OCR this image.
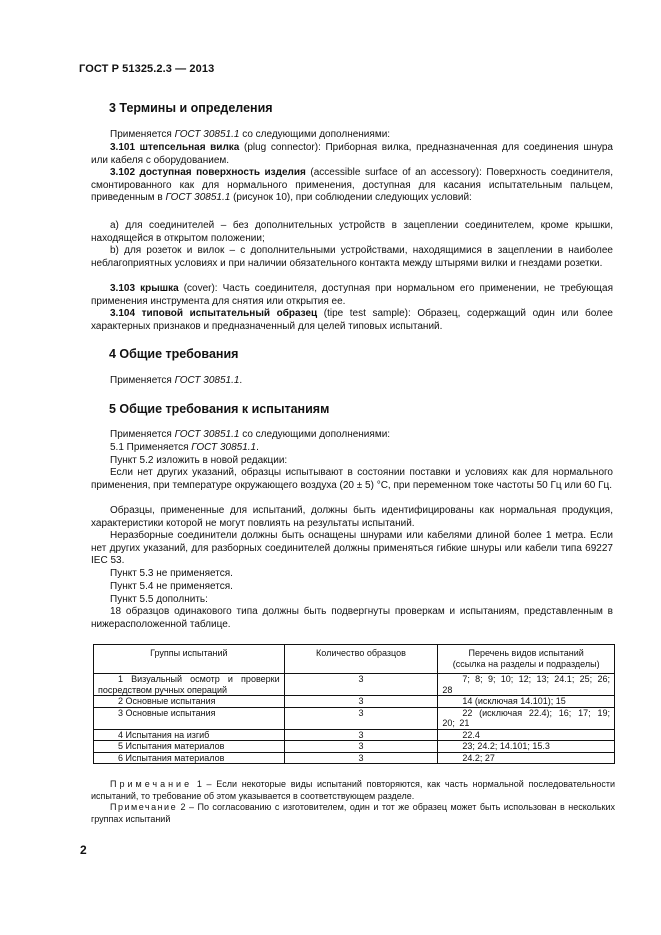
ГОСТ Р 51325.2.3 — 2013
3 Термины и определения
Применяется ГОСТ 30851.1 со следующими дополнениями:
3.101 штепсельная вилка (plug connector): Приборная вилка, предназначенная для соединения шнура или кабеля с оборудованием.
3.102 доступная поверхность изделия (accessible surface of an accessory): Поверхность соединителя, смонтированного как для нормального применения, доступная для касания испытательным пальцем, приведенным в ГОСТ 30851.1 (рисунок 10), при соблюдении следующих условий:
а) для соединителей – без дополнительных устройств в зацеплении соединителем, кроме крышки, находящейся в открытом положении;
b) для розеток и вилок – с дополнительными устройствами, находящимися в зацеплении в наиболее неблагоприятных условиях и при наличии обязательного контакта между штырями вилки и гнездами розетки.
3.103 крышка (cover): Часть соединителя, доступная при нормальном его применении, не требующая применения инструмента для снятия или открытия ее.
3.104 типовой испытательный образец (tipe test sample): Образец, содержащий один или более характерных признаков и предназначенный для целей типовых испытаний.
4 Общие требования
Применяется ГОСТ 30851.1.
5 Общие требования к испытаниям
Применяется ГОСТ 30851.1 со следующими дополнениями:
5.1 Применяется ГОСТ 30851.1.
Пункт 5.2 изложить в новой редакции:
Если нет других указаний, образцы испытывают в состоянии поставки и условиях как для нормального применения, при температуре окружающего воздуха (20 ± 5) °С, при переменном токе частоты 50 Гц или 60 Гц.
Образцы, примененные для испытаний, должны быть идентифицированы как нормальная продукция, характеристики которой не могут повлиять на результаты испытаний.
Неразборные соединители должны быть оснащены шнурами или кабелями длиной более 1 метра. Если нет других указаний, для разборных соединителей должны применяться гибкие шнуры или кабели типа 69227 IEC 53.
Пункт 5.3 не применяется.
Пункт 5.4 не применяется.
Пункт 5.5 дополнить:
18 образцов одинакового типа должны быть подвергнуты проверкам и испытаниям, представленным в нижерасположенной таблице.
Группы испытаний	Количество образцов	Перечень видов испытаний
(ссылка на разделы и подразделы)
1 Визуальный осмотр и проверки посредством ручных операций	3	7; 8; 9; 10; 12; 13; 24.1; 25; 26; 28
2 Основные испытания	3	14 (исключая 14.101); 15
3 Основные испытания	3	22 (исключая 22.4); 16; 17; 19; 20; 21
4 Испытания на изгиб	3	22.4
5 Испытания материалов	3	23; 24.2; 14.101; 15.3
6 Испытания материалов	3	24.2; 27
Примечание 1 – Если некоторые виды испытаний повторяются, как часть нормальной последовательности испытаний, то требование об этом указывается в соответствующем разделе.
Примечание 2 – По согласованию с изготовителем, один и тот же образец может быть использован в нескольких группах испытаний
2
